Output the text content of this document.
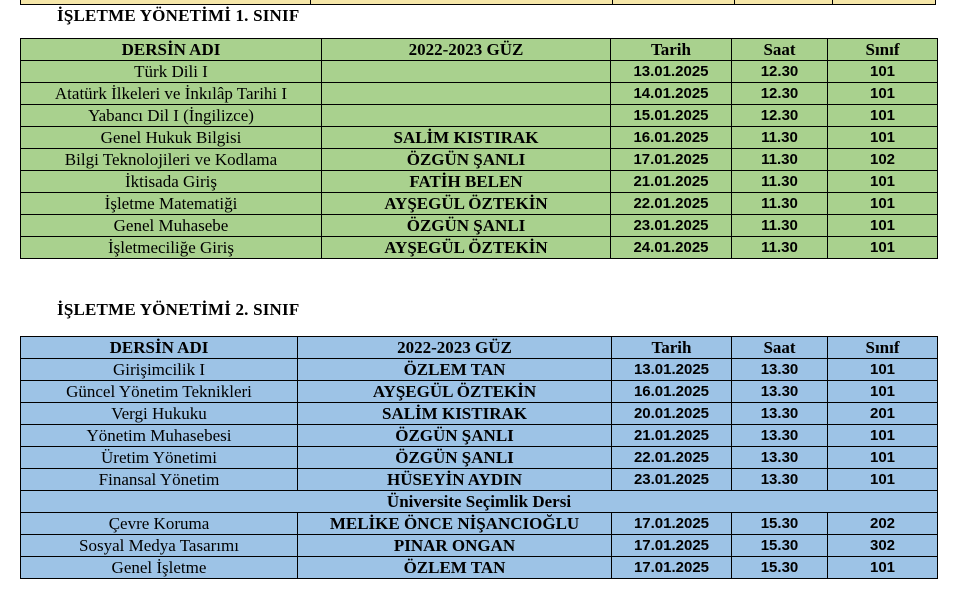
İŞLETME YÖNETİMİ 1. SINIF
DERSİN ADI	2022-2023 GÜZ	Tarih	Saat	Sınıf
Türk Dili I		13.01.2025	12.30	101
Atatürk İlkeleri ve İnkılâp Tarihi I		14.01.2025	12.30	101
Yabancı Dil I (İngilizce)		15.01.2025	12.30	101
Genel Hukuk Bilgisi	SALİM KISTIRAK	16.01.2025	11.30	101
Bilgi Teknolojileri ve Kodlama	ÖZGÜN ŞANLI	17.01.2025	11.30	102
İktisada Giriş	FATİH BELEN	21.01.2025	11.30	101
İşletme Matematiği	AYŞEGÜL ÖZTEKİN	22.01.2025	11.30	101
Genel Muhasebe	ÖZGÜN ŞANLI	23.01.2025	11.30	101
İşletmeciliğe Giriş	AYŞEGÜL ÖZTEKİN	24.01.2025	11.30	101
İŞLETME YÖNETİMİ 2. SINIF
DERSİN ADI	2022-2023 GÜZ	Tarih	Saat	Sınıf
Girişimcilik I	ÖZLEM TAN	13.01.2025	13.30	101
Güncel Yönetim Teknikleri	AYŞEGÜL ÖZTEKİN	16.01.2025	13.30	101
Vergi Hukuku	SALİM KISTIRAK	20.01.2025	13.30	201
Yönetim Muhasebesi	ÖZGÜN ŞANLI	21.01.2025	13.30	101
Üretim Yönetimi	ÖZGÜN ŞANLI	22.01.2025	13.30	101
Finansal Yönetim	HÜSEYİN AYDIN	23.01.2025	13.30	101
Üniversite Seçimlik Dersi				
Çevre Koruma	MELİKE ÖNCE NİŞANCIOĞLU	17.01.2025	15.30	202
Sosyal Medya Tasarımı	PINAR ONGAN	17.01.2025	15.30	302
Genel İşletme	ÖZLEM TAN	17.01.2025	15.30	101
